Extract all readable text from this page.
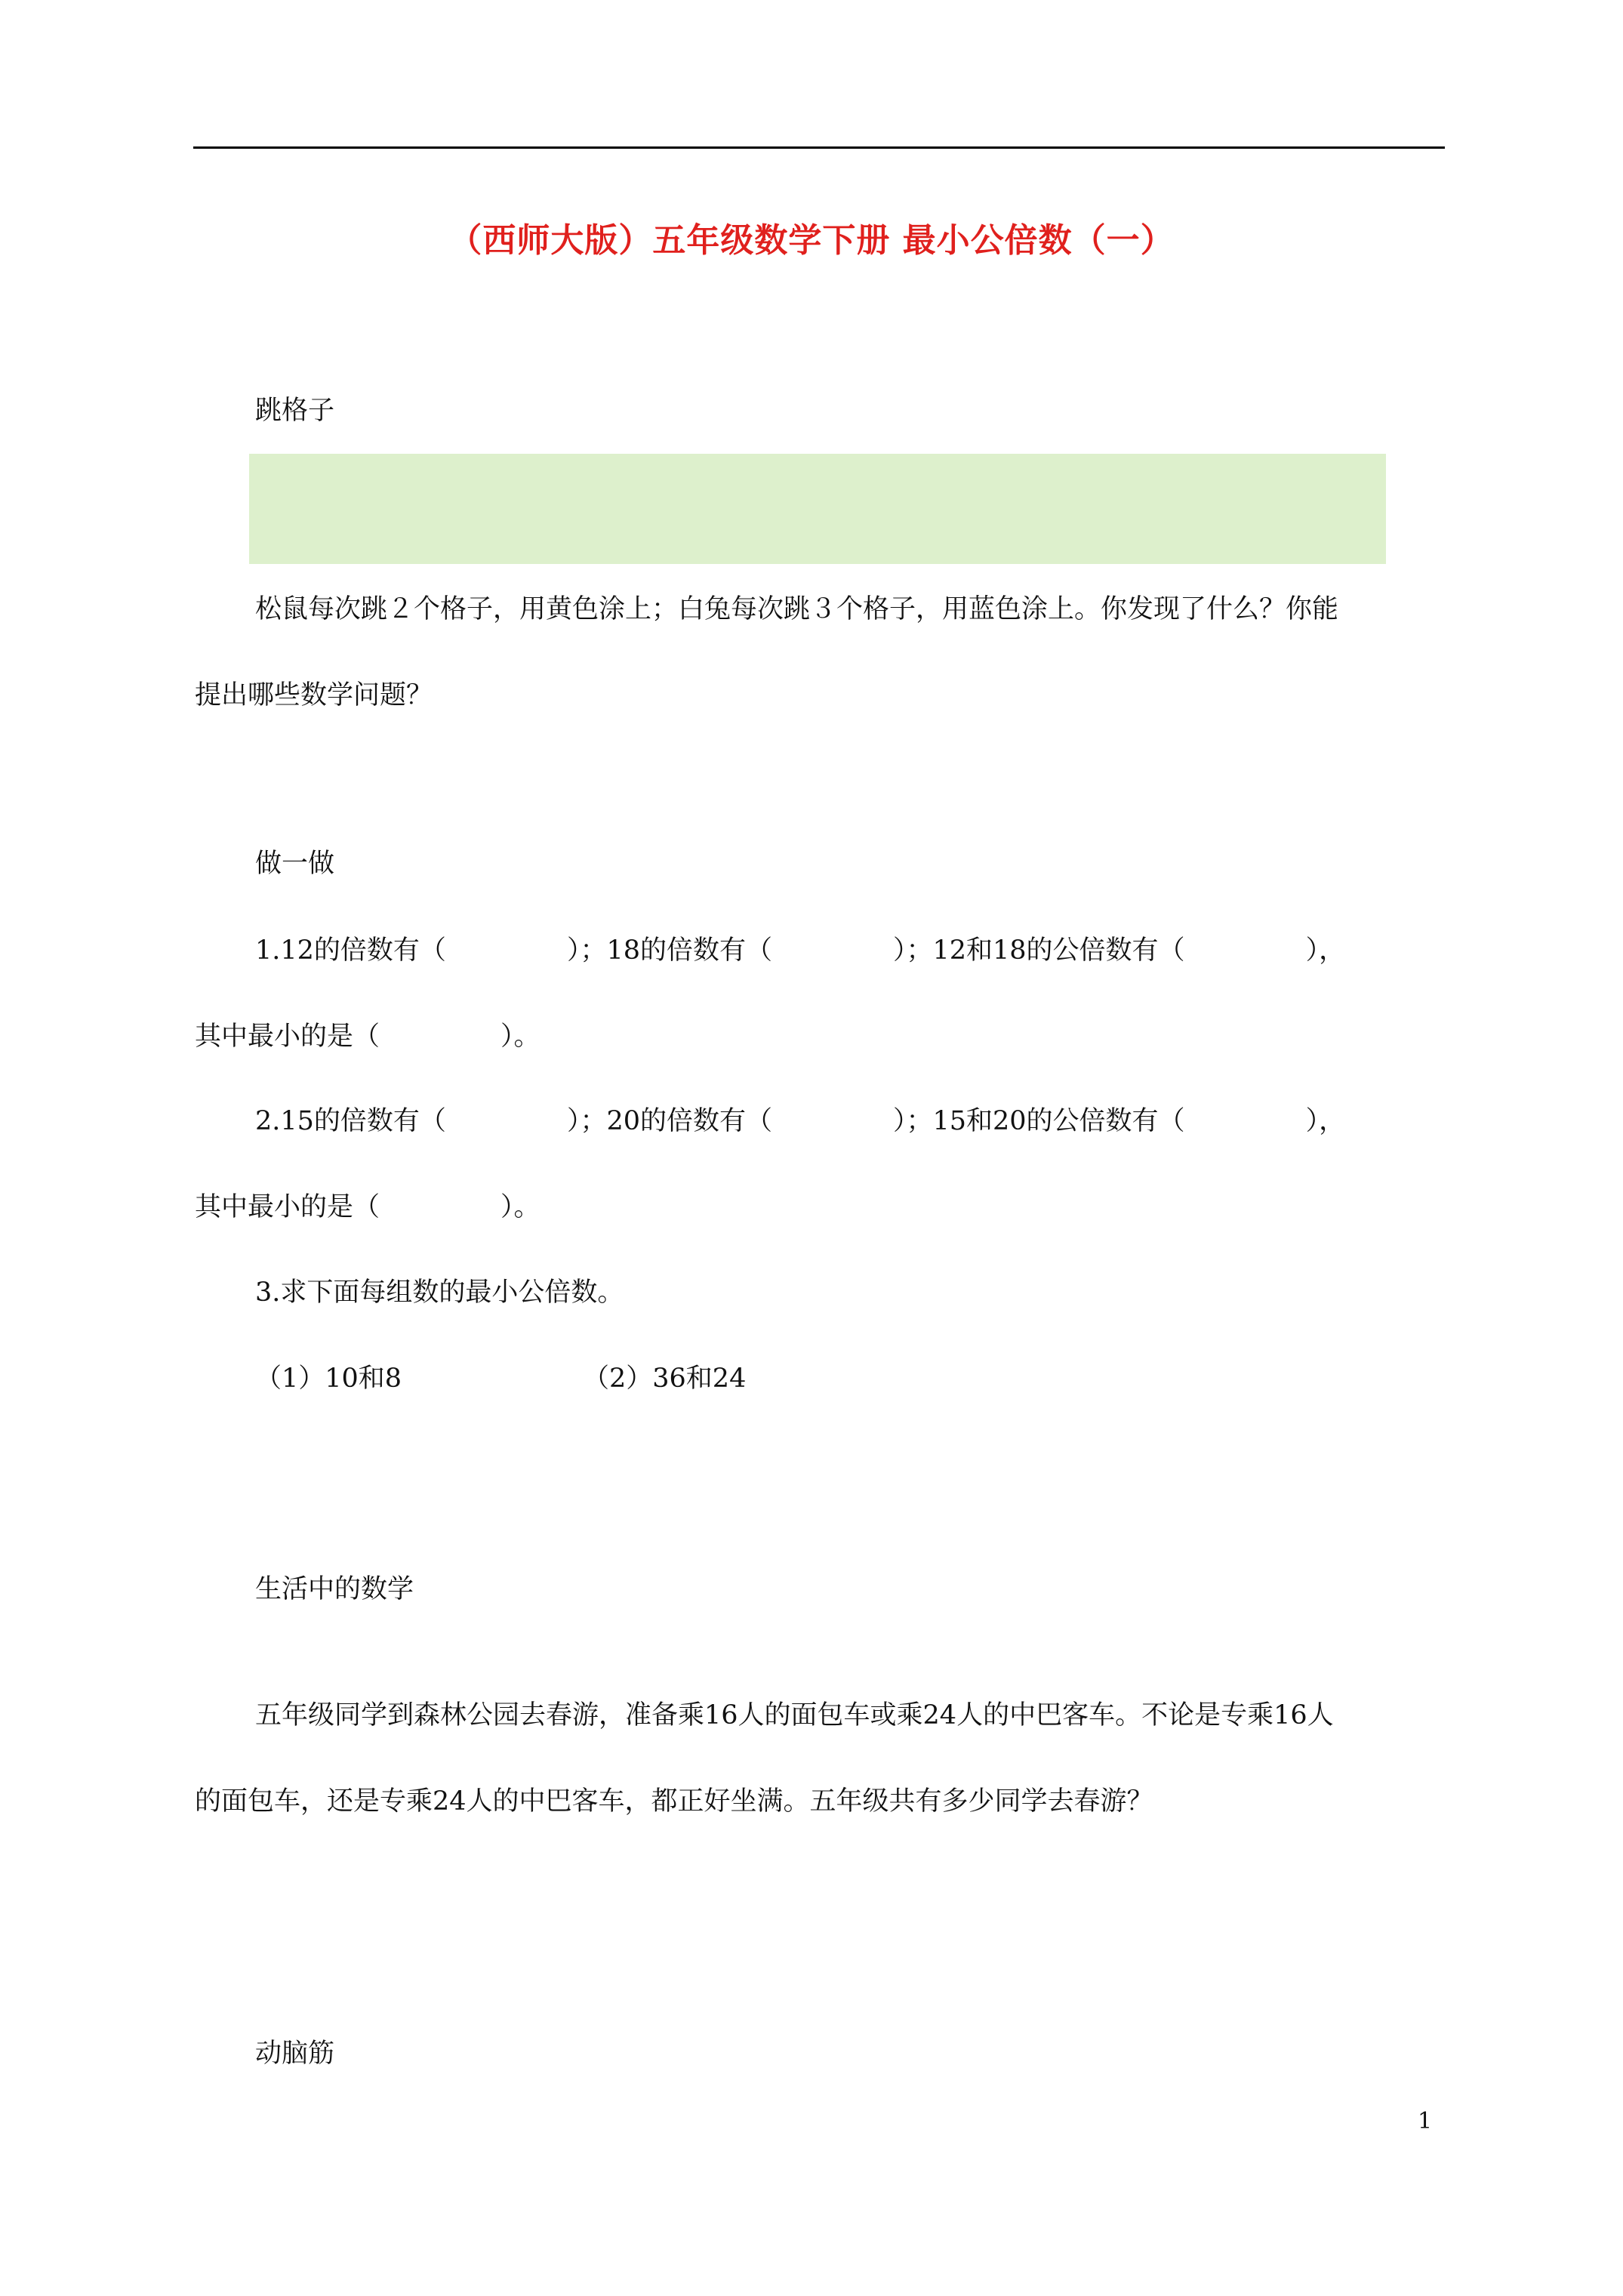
（西师大版）五年级数学下册 最小公倍数（一）
跳格子
松鼠每次跳２个格子，用黄色涂上；白兔每次跳３个格子，用蓝色涂上。你发现了什么？你能
提出哪些数学问题？
做一做
1.12的倍数有（	）；18的倍数有（	）；12和18的公倍数有（	），
其中最小的是（	）。
2.15的倍数有（	）；20的倍数有（	）；15和20的公倍数有（	），
其中最小的是（	）。
3.求下面每组数的最小公倍数。
（1）10和8	（2）36和24
生活中的数学
五年级同学到森林公园去春游，准备乘16人的面包车或乘24人的中巴客车。不论是专乘16人
的面包车，还是专乘24人的中巴客车，都正好坐满。五年级共有多少同学去春游？
动脑筋
1
